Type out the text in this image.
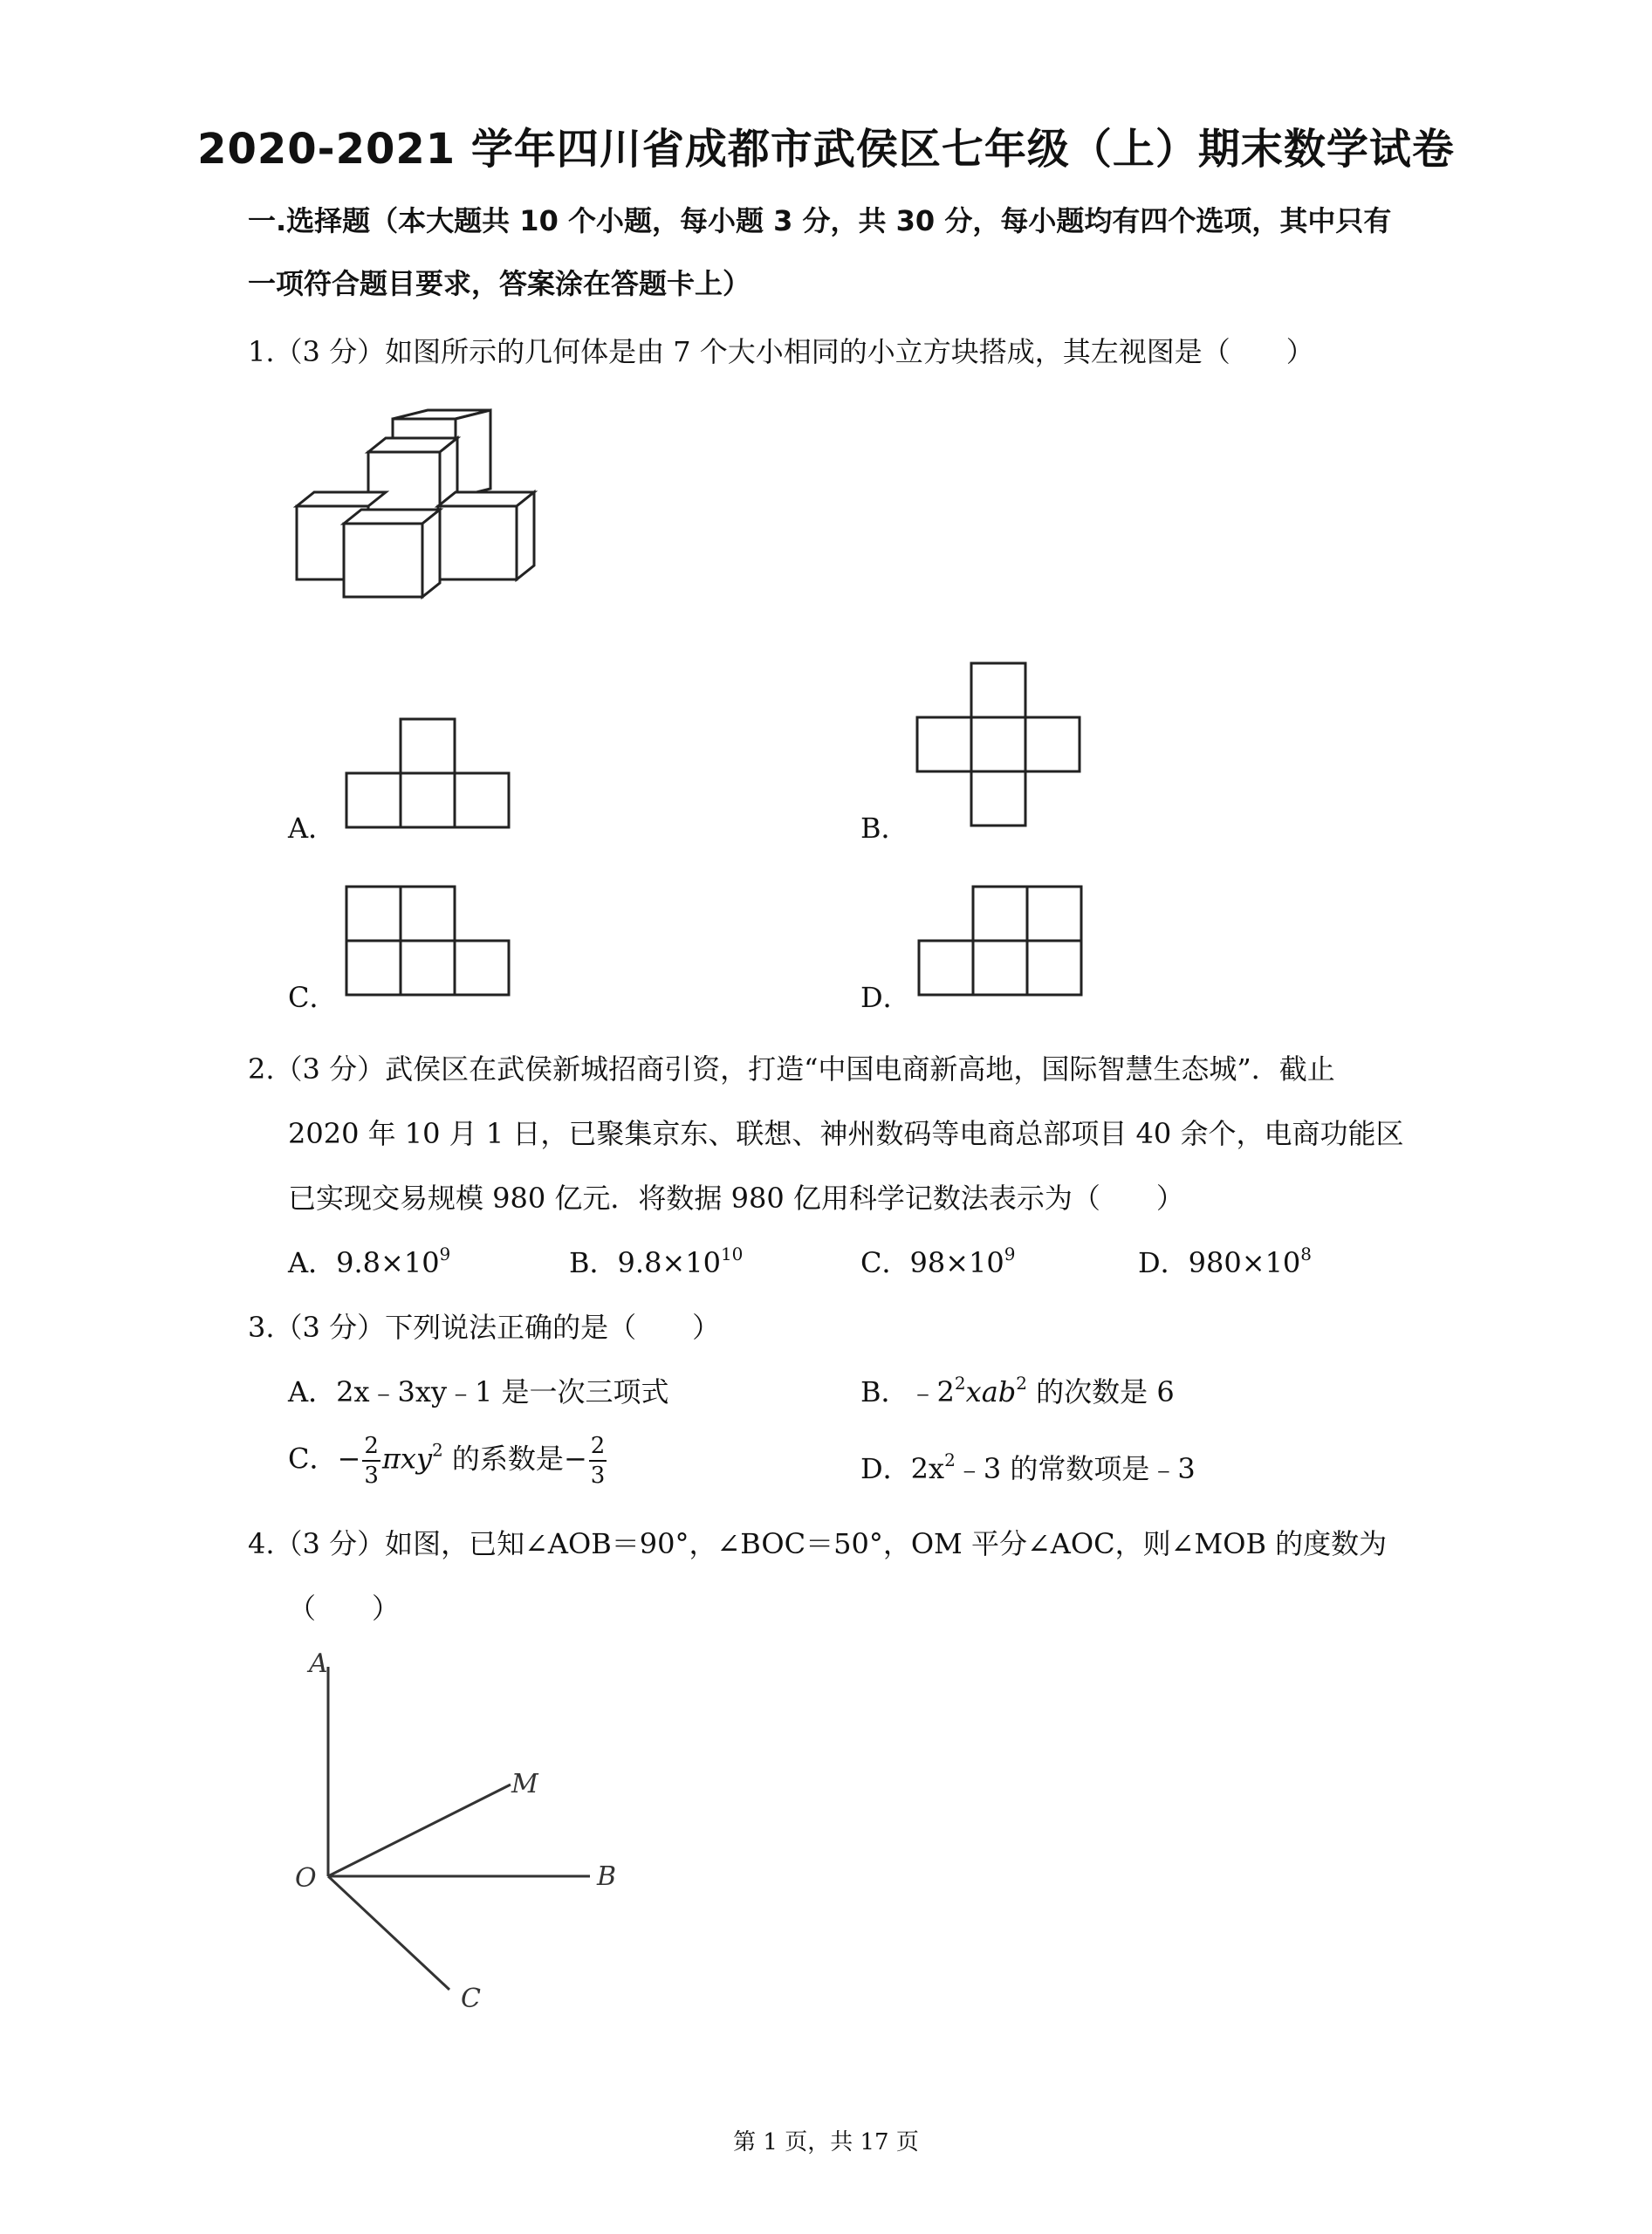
2020-2021 学年四川省成都市武侯区七年级（上）期末数学试卷
一.选择题（本大题共 10 个小题，每小题 3 分，共 30 分，每小题均有四个选项，其中只有
一项符合题目要求，答案涂在答题卡上）
1.（3 分）如图所示的几何体是由 7 个大小相同的小立方块搭成，其左视图是（　　）
A．	B．
C．	D．
2.（3 分）武侯区在武侯新城招商引资，打造“中国电商新高地，国际智慧生态城”．截止
2020 年 10 月 1 日，已聚集京东、联想、神州数码等电商总部项目 40 余个，电商功能区
已实现交易规模 980 亿元．将数据 980 亿用科学记数法表示为（　　）
A．$9.8\times 10^9$	B．$9.8\times 10^{10}$	C．$98\times 10^9$	D．$980\times 10^8$
3.（3 分）下列说法正确的是（　　）
A．2x﹣3xy﹣1 是一次三项式	B．$﹣2^2xab^2$ 的次数是 6
C．− $\frac{2}{3} \pi xy^2$ 的系数是− $\frac{2}{3}$	D．$2x^2﹣3$ 的常数项是﹣3
4.（3 分）如图，已知∠AOB＝90°，∠BOC＝50°，OM 平分∠AOC，则∠MOB 的度数为
（　　）
A
M
O	B
C
第 1 页，共 17 页
